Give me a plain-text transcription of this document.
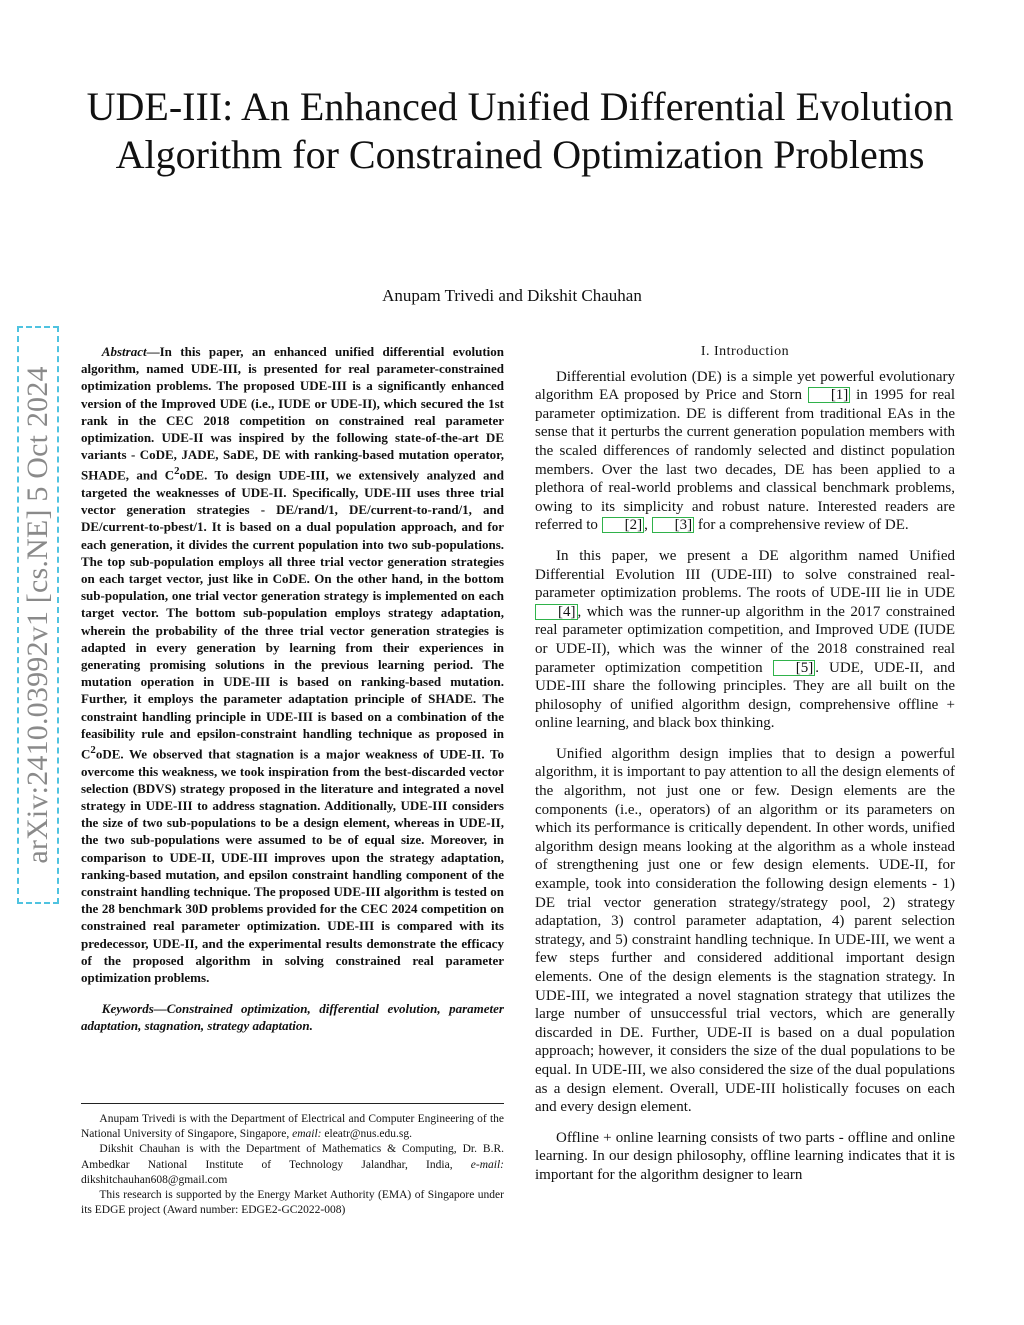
UDE-III: An Enhanced Unified Differential Evolution Algorithm for Constrained Optimization Problems
Anupam Trivedi and Dikshit Chauhan
arXiv:2410.03992v1 [cs.NE] 5 Oct 2024

Abstract—In this paper, an enhanced unified differential evolution algorithm, named UDE-III, is presented for real parameter-constrained optimization problems. The proposed UDE-III is a significantly enhanced version of the Improved UDE (i.e., IUDE or UDE-II), which secured the 1st rank in the CEC 2018 competition on constrained real parameter optimization. UDE-II was inspired by the following state-of-the-art DE variants - CoDE, JADE, SaDE, DE with ranking-based mutation operator, SHADE, and $C^2oDE$. To design UDE-III, we extensively analyzed and targeted the weaknesses of UDE-II. Specifically, UDE-III uses three trial vector generation strategies - DE/rand/1, DE/current-to-rand/1, and DE/current-to-pbest/1. It is based on a dual population approach, and for each generation, it divides the current population into two sub-populations. The top sub-population employs all three trial vector generation strategies on each target vector, just like in CoDE. On the other hand, in the bottom sub-population, one trial vector generation strategy is implemented on each target vector. The bottom sub-population employs strategy adaptation, wherein the probability of the three trial vector generation strategies is adapted in every generation by learning from their experiences in generating promising solutions in the previous learning period. The mutation operation in UDE-III is based on ranking-based mutation. Further, it employs the parameter adaptation principle of SHADE. The constraint handling principle in UDE-III is based on a combination of the feasibility rule and epsilon-constraint handling technique as proposed in $C^2oDE$. We observed that stagnation is a major weakness of UDE-II. To overcome this weakness, we took inspiration from the best-discarded vector selection (BDVS) strategy proposed in the literature and integrated a novel strategy in UDE-III to address stagnation. Additionally, UDE-III considers the size of two sub-populations to be a design element, whereas in UDE-II, the two sub-populations were assumed to be of equal size. Moreover, in comparison to UDE-II, UDE-III improves upon the strategy adaptation, ranking-based mutation, and epsilon constraint handling component of the constraint handling technique. The proposed UDE-III algorithm is tested on the 28 benchmark 30D problems provided for the CEC 2024 competition on constrained real parameter optimization. UDE-III is compared with its predecessor, UDE-II, and the experimental results demonstrate the efficacy of the proposed algorithm in solving constrained real parameter optimization problems.

Keywords—Constrained optimization, differential evolution, parameter adaptation, stagnation, strategy adaptation.

Anupam Trivedi is with the Department of Electrical and Computer Engineering of the National University of Singapore, Singapore, email: eleatr@nus.edu.sg.

Dikshit Chauhan is with the Department of Mathematics & Computing, Dr. B.R. Ambedkar National Institute of Technology Jalandhar, India, e-mail: dikshitchauhan608@gmail.com

This research is supported by the Energy Market Authority (EMA) of Singapore under its EDGE project (Award number: EDGE2-GC2022-008)

I. Introduction

Differential evolution (DE) is a simple yet powerful evolutionary algorithm EA proposed by Price and Storn [1] in 1995 for real parameter optimization. DE is different from traditional EAs in the sense that it perturbs the current generation population members with the scaled differences of randomly selected and distinct population members. Over the last two decades, DE has been applied to a plethora of real-world problems and classical benchmark problems, owing to its simplicity and robust nature. Interested readers are referred to [2] , [3] for a comprehensive review of DE.

In this paper, we present a DE algorithm named Unified Differential Evolution III (UDE-III) to solve constrained real-parameter optimization problems. The roots of UDE-III lie in UDE [4] , which was the runner-up algorithm in the 2017 constrained real parameter optimization competition, and Improved UDE (IUDE or UDE-II), which was the winner of the 2018 constrained real parameter optimization competition [5] . UDE, UDE-II, and UDE-III share the following principles. They are all built on the philosophy of unified algorithm design, comprehensive offline + online learning, and black box thinking.

Unified algorithm design implies that to design a powerful algorithm, it is important to pay attention to all the design elements of the algorithm, not just one or few. Design elements are the components (i.e., operators) of an algorithm or its parameters on which its performance is critically dependent. In other words, unified algorithm design means looking at the algorithm as a whole instead of strengthening just one or few design elements. UDE-II, for example, took into consideration the following design elements - 1) DE trial vector generation strategy/strategy pool, 2) strategy adaptation, 3) control parameter adaptation, 4) parent selection strategy, and 5) constraint handling technique. In UDE-III, we went a few steps further and considered additional important design elements. One of the design elements is the stagnation strategy. In UDE-III, we integrated a novel stagnation strategy that utilizes the large number of unsuccessful trial vectors, which are generally discarded in DE. Further, UDE-II is based on a dual population approach; however, it considers the size of the dual populations to be equal. In UDE-III, we also considered the size of the dual populations as a design element. Overall, UDE-III holistically focuses on each and every design element.

Offline + online learning consists of two parts - offline and online learning. In our design philosophy, offline learning indicates that it is important for the algorithm designer to learn
